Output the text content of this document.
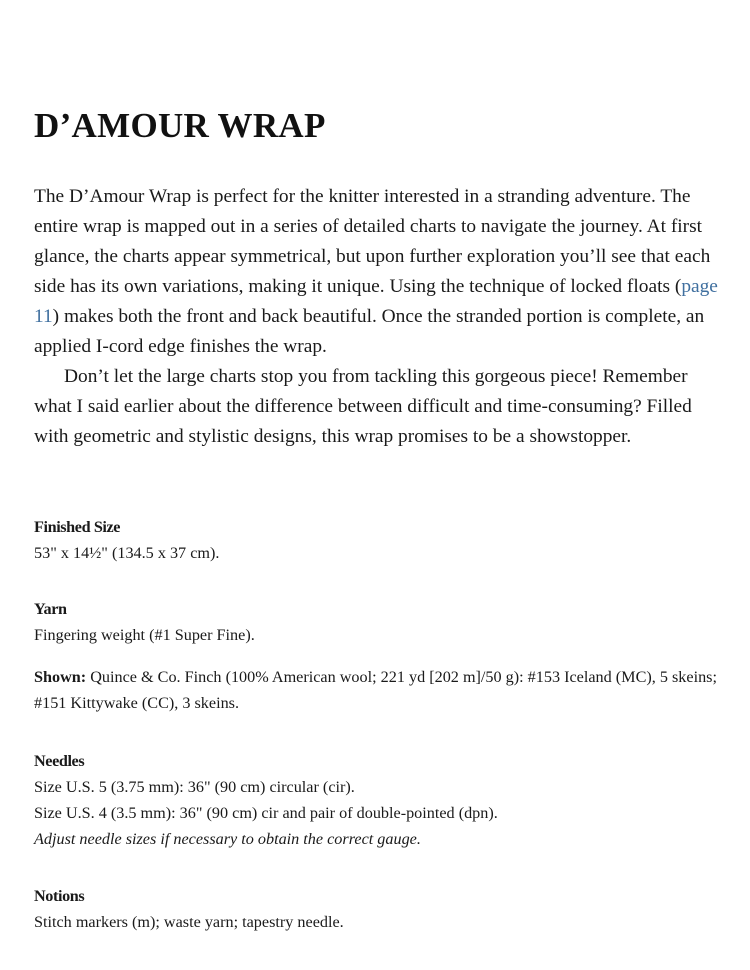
D’AMOUR WRAP

The D’Amour Wrap is perfect for the knitter interested in a stranding adventure. The entire wrap is mapped out in a series of detailed charts to navigate the journey. At first glance, the charts appear symmetrical, but upon further exploration you’ll see that each side has its own variations, making it unique. Using the technique of locked floats (page 11) makes both the front and back beautiful. Once the stranded portion is complete, an applied I-cord edge finishes the wrap.

Don’t let the large charts stop you from tackling this gorgeous piece! Remember what I said earlier about the difference between difficult and time-consuming? Filled with geometric and stylistic designs, this wrap promises to be a showstopper.

Finished Size
53" x 14½" (134.5 x 37 cm).
Yarn
Fingering weight (#1 Super Fine).
Shown: Quince & Co. Finch (100% American wool; 221 yd [202 m]/50 g): #153 Iceland (MC), 5 skeins; #151 Kittywake (CC), 3 skeins.
Needles
Size U.S. 5 (3.75 mm): 36" (90 cm) circular (cir).
Size U.S. 4 (3.5 mm): 36" (90 cm) cir and pair of double-pointed (dpn).
Adjust needle sizes if necessary to obtain the correct gauge.
Notions
Stitch markers (m); waste yarn; tapestry needle.
